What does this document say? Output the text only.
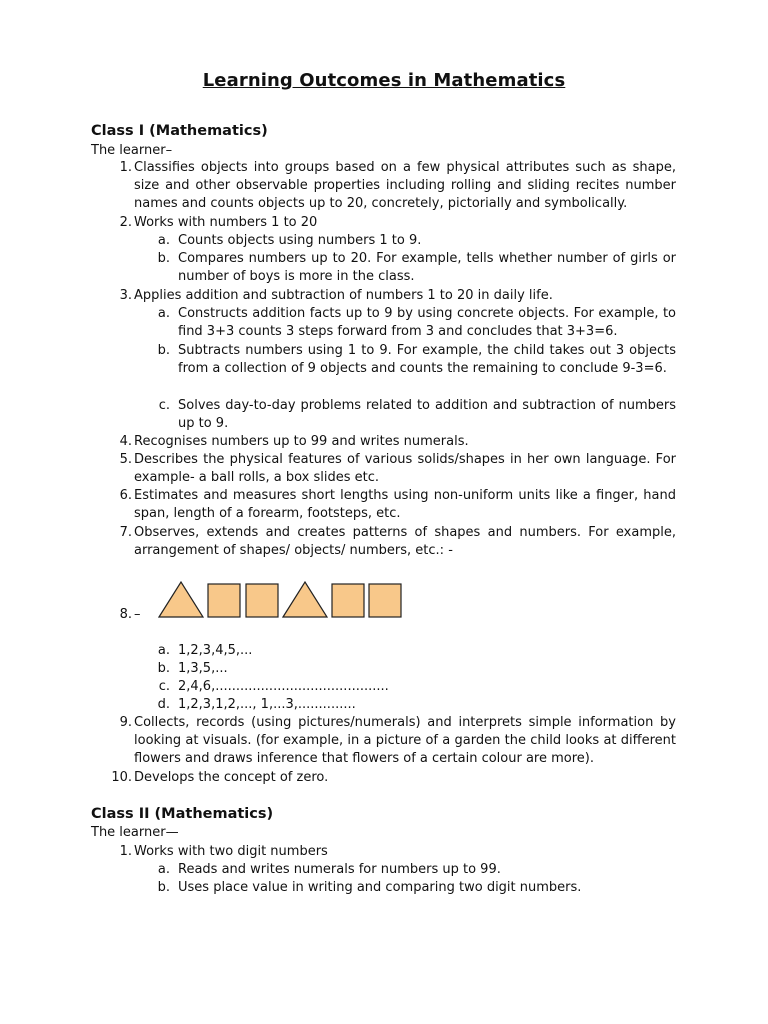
Learning Outcomes in Mathematics
Class I (Mathematics)
The learner–
1. Classifies objects into groups based on a few physical attributes such as shape, size and other observable properties including rolling and sliding recites number names and counts objects up to 20, concretely, pictorially and symbolically.
2. Works with numbers 1 to 20
a. Counts objects using numbers 1 to 9.
b. Compares numbers up to 20. For example, tells whether number of girls or number of boys is more in the class.
3. Applies addition and subtraction of numbers 1 to 20 in daily life.
a. Constructs addition facts up to 9 by using concrete objects. For example, to find 3+3 counts 3 steps forward from 3 and concludes that 3+3=6.
b. Subtracts numbers using 1 to 9. For example, the child takes out 3 objects from a collection of 9 objects and counts the remaining to conclude 9-3=6.
c. Solves day-to-day problems related to addition and subtraction of numbers up to 9.
4. Recognises numbers up to 99 and writes numerals.
5. Describes the physical features of various solids/shapes in her own language. For example- a ball rolls, a box slides etc.
6. Estimates and measures short lengths using non-uniform units like a finger, hand span, length of a forearm, footsteps, etc.
7. Observes, extends and creates patterns of shapes and numbers. For example, arrangement of shapes/ objects/ numbers, etc.: -
8. –
a. 1,2,3,4,5,...
b. 1,3,5,...
c. 2,4,6,..........................................
d. 1,2,3,1,2,..., 1,...3,..............
9. Collects, records (using pictures/numerals) and interprets simple information by looking at visuals. (for example, in a picture of a garden the child looks at different flowers and draws inference that flowers of a certain colour are more).
10. Develops the concept of zero.
Class II (Mathematics)
The learner—
1. Works with two digit numbers
a. Reads and writes numerals for numbers up to 99.
b. Uses place value in writing and comparing two digit numbers.
